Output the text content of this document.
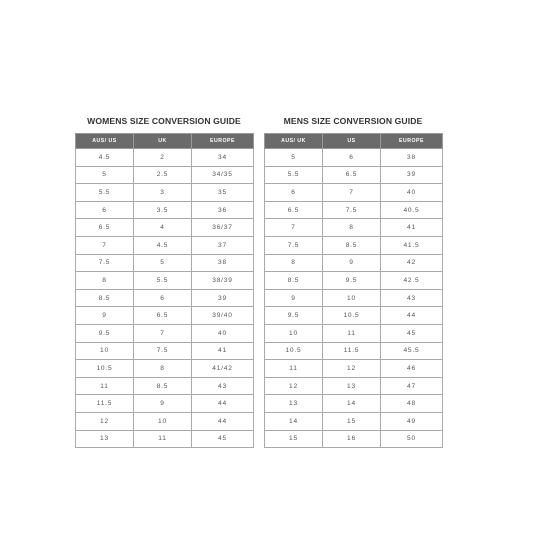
WOMENS SIZE CONVERSION GUIDE
AUS/ US	UK	EUROPE
4.5	2	34
5	2.5	34/35
5.5	3	35
6	3.5	36
6.5	4	36/37
7	4.5	37
7.5	5	38
8	5.5	38/39
8.5	6	39
9	6.5	39/40
9.5	7	40
10	7.5	41
10.5	8	41/42
11	8.5	43
11.5	9	44
12	10	44
13	11	45
MENS SIZE CONVERSION GUIDE
AUS/ UK	US	EUROPE
5	6	38
5.5	6.5	39
6	7	40
6.5	7.5	40.5
7	8	41
7.5	8.5	41.5
8	9	42
8.5	9.5	42.5
9	10	43
9.5	10.5	44
10	11	45
10.5	11.5	45.5
11	12	46
12	13	47
13	14	48
14	15	49
15	16	50
